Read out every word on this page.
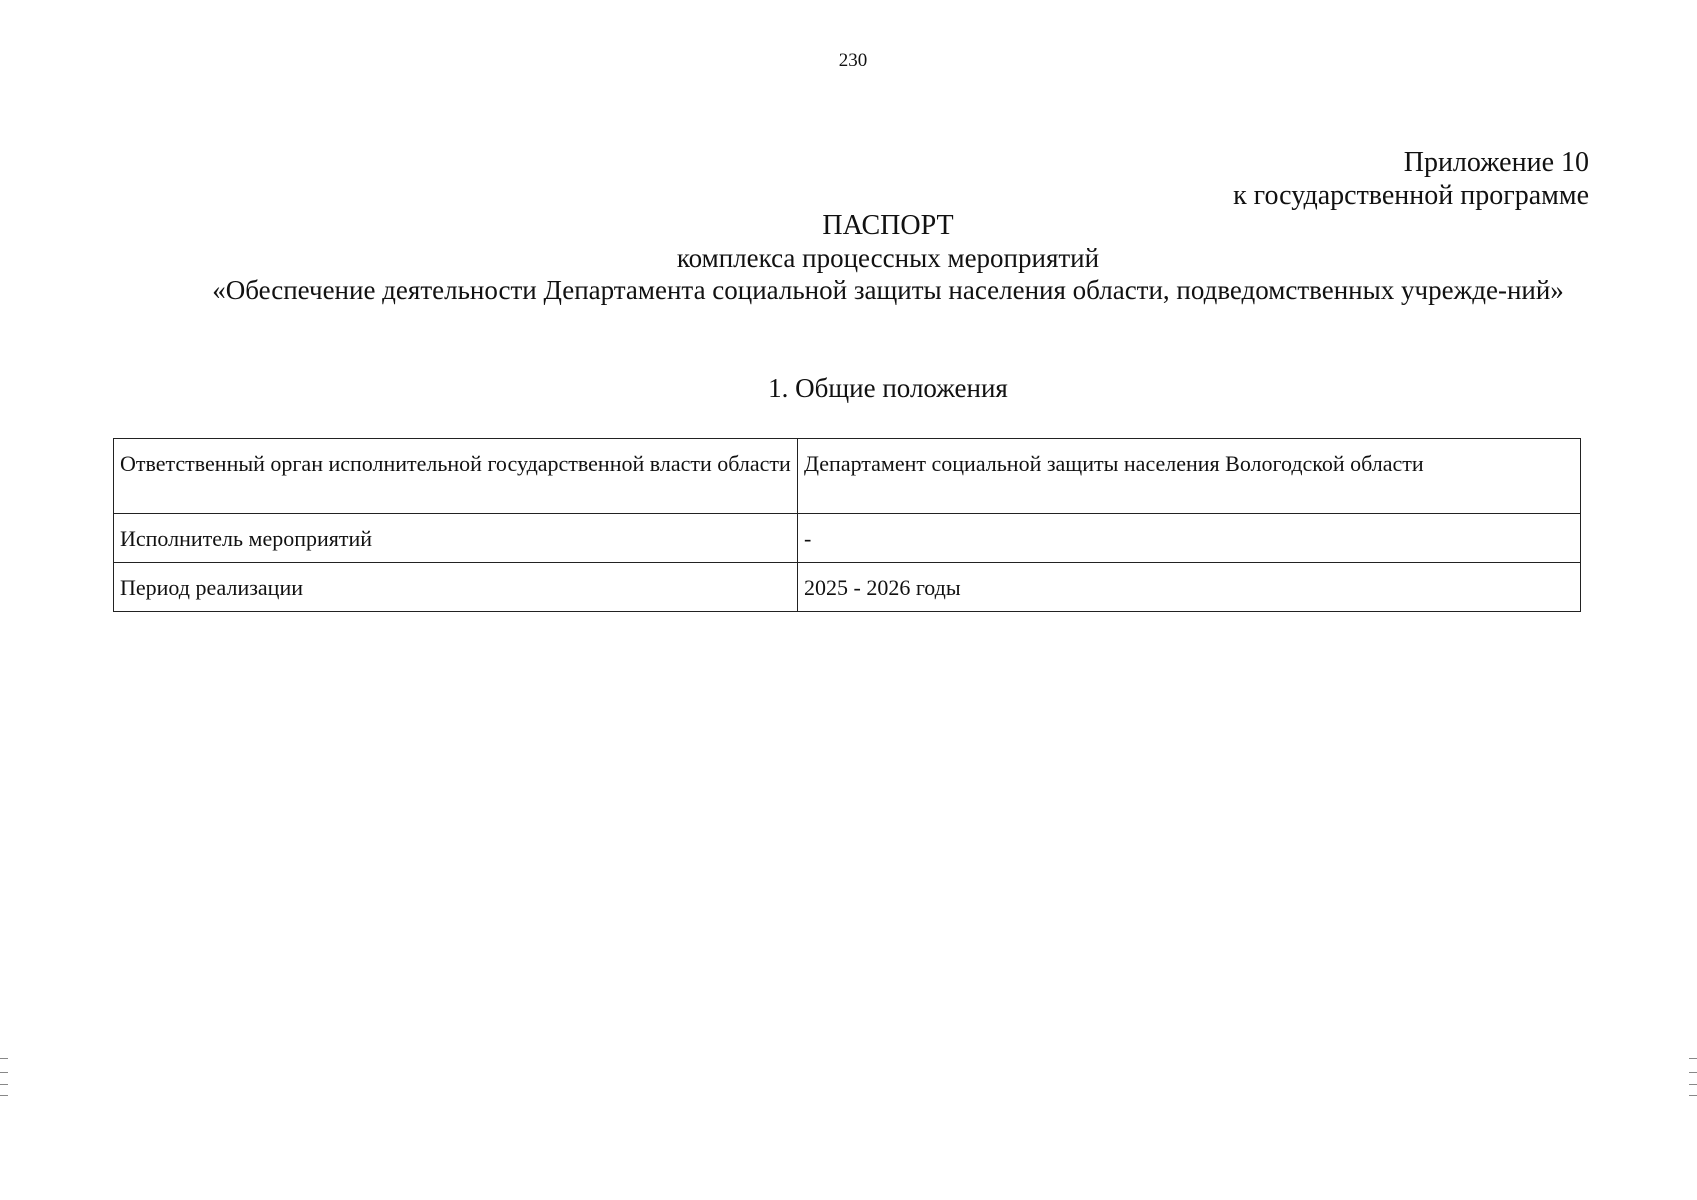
230
Приложение 10
к государственной программе
ПАСПОРТ
комплекса процессных мероприятий
«Обеспечение деятельности Департамента социальной защиты населения области, подведомственных учрежде-ний»
1. Общие положения
Ответственный орган исполнительной государственной власти области	Департамент социальной защиты населения Вологодской области
Исполнитель мероприятий	-
Период реализации	2025 - 2026 годы
